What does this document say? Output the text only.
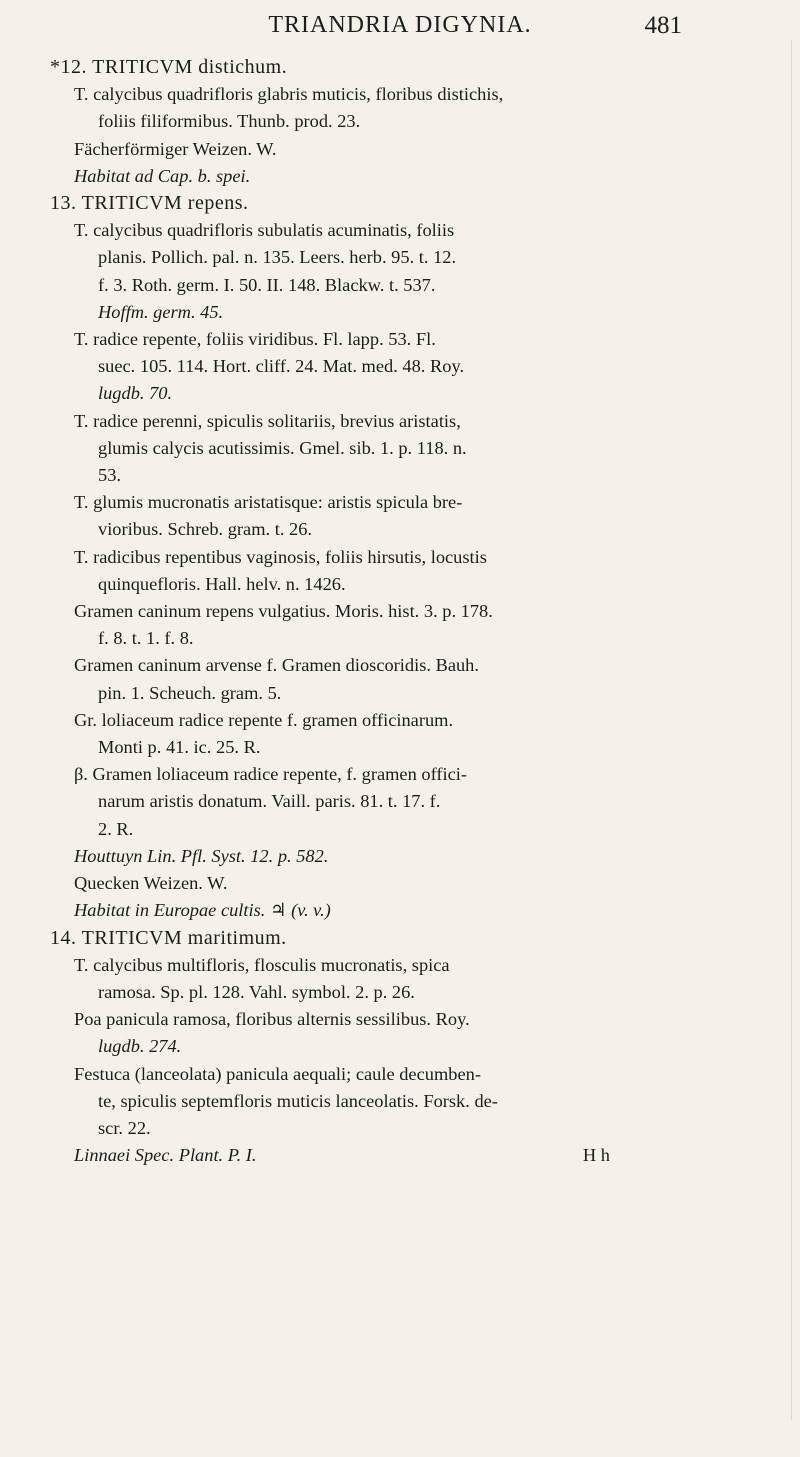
TRIANDRIA DIGYNIA.	481
*12. TRITICVM distichum.
T. calycibus quadrifloris glabris muticis, floribus distichis,
foliis filiformibus. Thunb. prod. 23.
Fächerförmiger Weizen. W.
Habitat ad Cap. b. spei.
13. TRITICVM repens.
T. calycibus quadrifloris subulatis acuminatis, foliis
planis. Pollich. pal. n. 135. Leers. herb. 95. t. 12.
f. 3. Roth. germ. I. 50. II. 148. Blackw. t. 537.
Hoffm. germ. 45.
T. radice repente, foliis viridibus. Fl. lapp. 53. Fl.
suec. 105. 114. Hort. cliff. 24. Mat. med. 48. Roy.
lugdb. 70.
T. radice perenni, spiculis solitariis, brevius aristatis,
glumis calycis acutissimis. Gmel. sib. 1. p. 118. n.
53.
T. glumis mucronatis aristatisque: aristis spicula bre-
vioribus. Schreb. gram. t. 26.
T. radicibus repentibus vaginosis, foliis hirsutis, locustis
quinquefloris. Hall. helv. n. 1426.
Gramen caninum repens vulgatius. Moris. hist. 3. p. 178.
f. 8. t. 1. f. 8.
Gramen caninum arvense f. Gramen dioscoridis. Bauh.
pin. 1. Scheuch. gram. 5.
Gr. loliaceum radice repente f. gramen officinarum.
Monti p. 41. ic. 25. R.
β. Gramen loliaceum radice repente, f. gramen offici-
narum aristis donatum. Vaill. paris. 81. t. 17. f.
2. R.
Houttuyn Lin. Pfl. Syst. 12. p. 582.
Quecken Weizen. W.
Habitat in Europae cultis. ♃ (v. v.)
14. TRITICVM maritimum.
T. calycibus multifloris, flosculis mucronatis, spica
ramosa. Sp. pl. 128. Vahl. symbol. 2. p. 26.
Poa panicula ramosa, floribus alternis sessilibus. Roy.
lugdb. 274.
Festuca (lanceolata) panicula aequali; caule decumben-
te, spiculis septemfloris muticis lanceolatis. Forsk. de-
scr. 22.
Linnaei Spec. Plant. P. I.	H h
